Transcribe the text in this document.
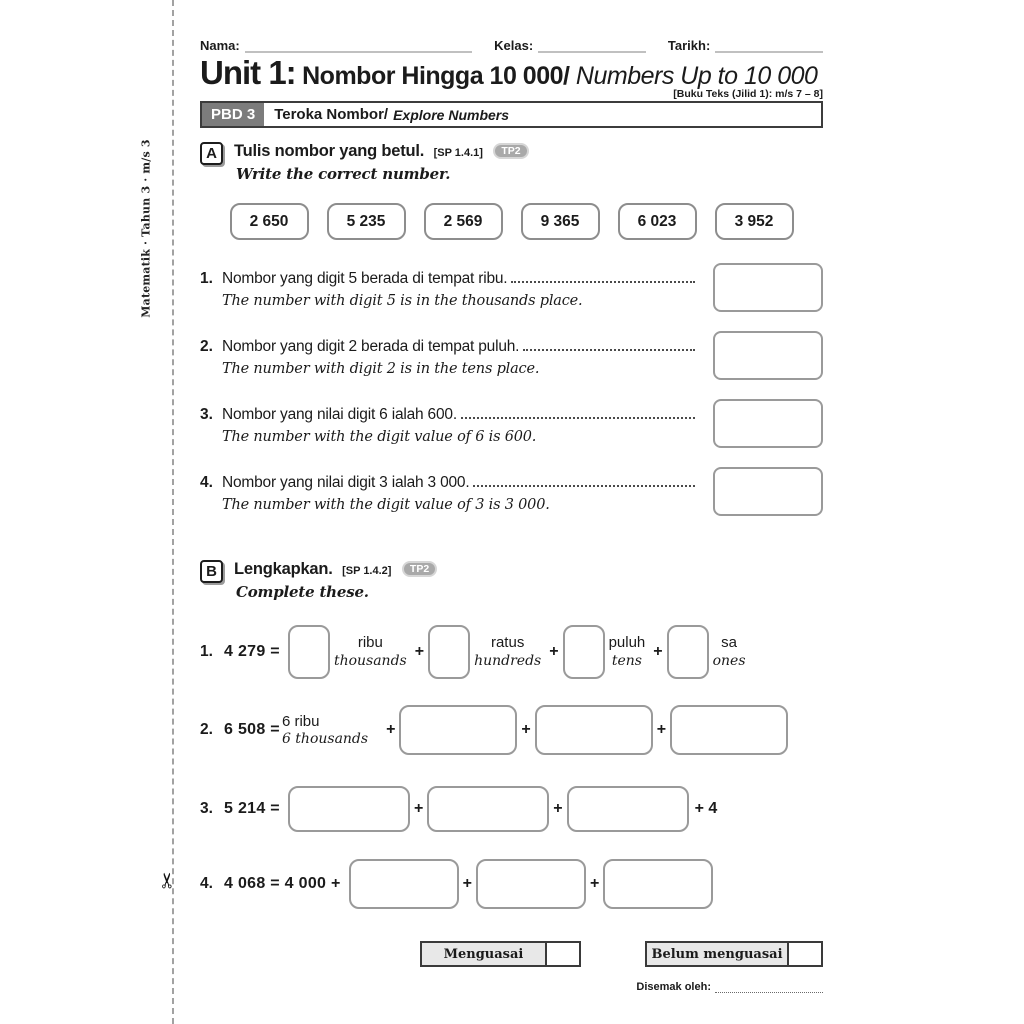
✂
Matematik · Tahun 3 · m/s 3
Nama:	Kelas:	Tarikh:
Unit 1: Nombor Hingga 10 000/ Numbers Up to 10 000
[Buku Teks (Jilid 1): m/s 7 – 8]
PBD 3	Teroka Nombor/ Explore Numbers
A	Tulis nombor yang betul. [SP 1.4.1] TP2
Write the correct number.
2 650	5 235	2 569	9 365	6 023	3 952
1. Nombor yang digit 5 berada di tempat ribu.
The number with digit 5 is in the thousands place.
2. Nombor yang digit 2 berada di tempat puluh.
The number with digit 2 is in the tens place.
3. Nombor yang nilai digit 6 ialah 600.
The number with the digit value of 6 is 600.
4. Nombor yang nilai digit 3 ialah 3 000.
The number with the digit value of 3 is 3 000.
B	Lengkapkan. [SP 1.4.2] TP2
Complete these.
1. 4 279 =
ribu
thousands
+
ratus
hundreds
+
puluh
tens
+
sa
ones
2. 6 508 = 6 ribu
6 thousands
+	+	+
3. 5 214 =	+	+	+ 4
4. 4 068 = 4 000 +	+	+
Menguasai	Belum menguasai
Disemak oleh:
